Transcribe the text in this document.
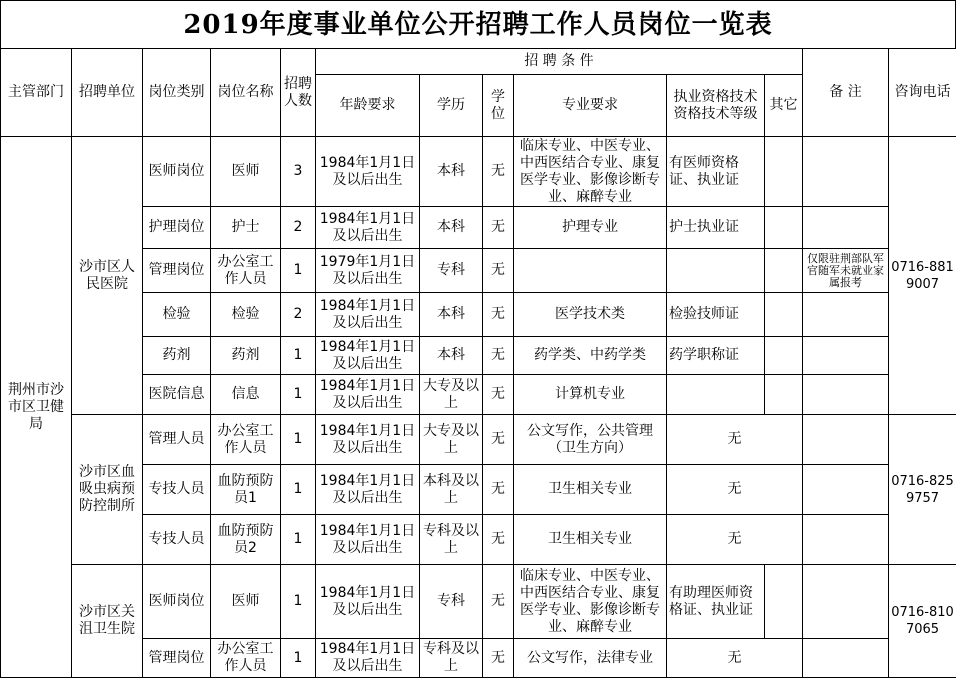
2019年度事业单位公开招聘工作人员岗位一览表
主管部门	招聘单位	岗位类别	岗位名称	招聘人数	招 聘 条 件						备 注	咨询电话
					年龄要求	学历	学位	专业要求	执业资格技术资格技术等级	其它		
荆州市沙市区卫健局	沙市区人民医院	医师岗位	医师	3	1984年1月1日及以后出生	本科	无	临床专业、中医专业、中西医结合专业、康复医学专业、影像诊断专业、麻醉专业	有医师资格证、执业证			0716-8819007
		护理岗位	护士	2	1984年1月1日及以后出生	本科	无	护理专业	护士执业证			
		管理岗位	办公室工作人员	1	1979年1月1日及以后出生	专科	无				仅限驻荆部队军官随军未就业家属报考	
		检验	检验	2	1984年1月1日及以后出生	本科	无	医学技术类	检验技师证			
		药剂	药剂	1	1984年1月1日及以后出生	本科	无	药学类、中药学类	药学职称证			
		医院信息	信息	1	1984年1月1日及以后出生	大专及以上	无	计算机专业				
	沙市区血吸虫病预防控制所	管理人员	办公室工作人员	1	1984年1月1日及以后出生	大专及以上	无	公文写作，公共管理（卫生方向）	无			0716-8259757
		专技人员	血防预防员1	1	1984年1月1日及以后出生	本科及以上	无	卫生相关专业	无			
		专技人员	血防预防员2	1	1984年1月1日及以后出生	专科及以上	无	卫生相关专业	无			
	沙市区关沮卫生院	医师岗位	医师	1	1984年1月1日及以后出生	专科	无	临床专业、中医专业、中西医结合专业、康复医学专业、影像诊断专业、麻醉专业	有助理医师资格证、执业证			0716-8107065
		管理岗位	办公室工作人员	1	1984年1月1日及以后出生	专科及以上	无	公文写作，法律专业	无			
